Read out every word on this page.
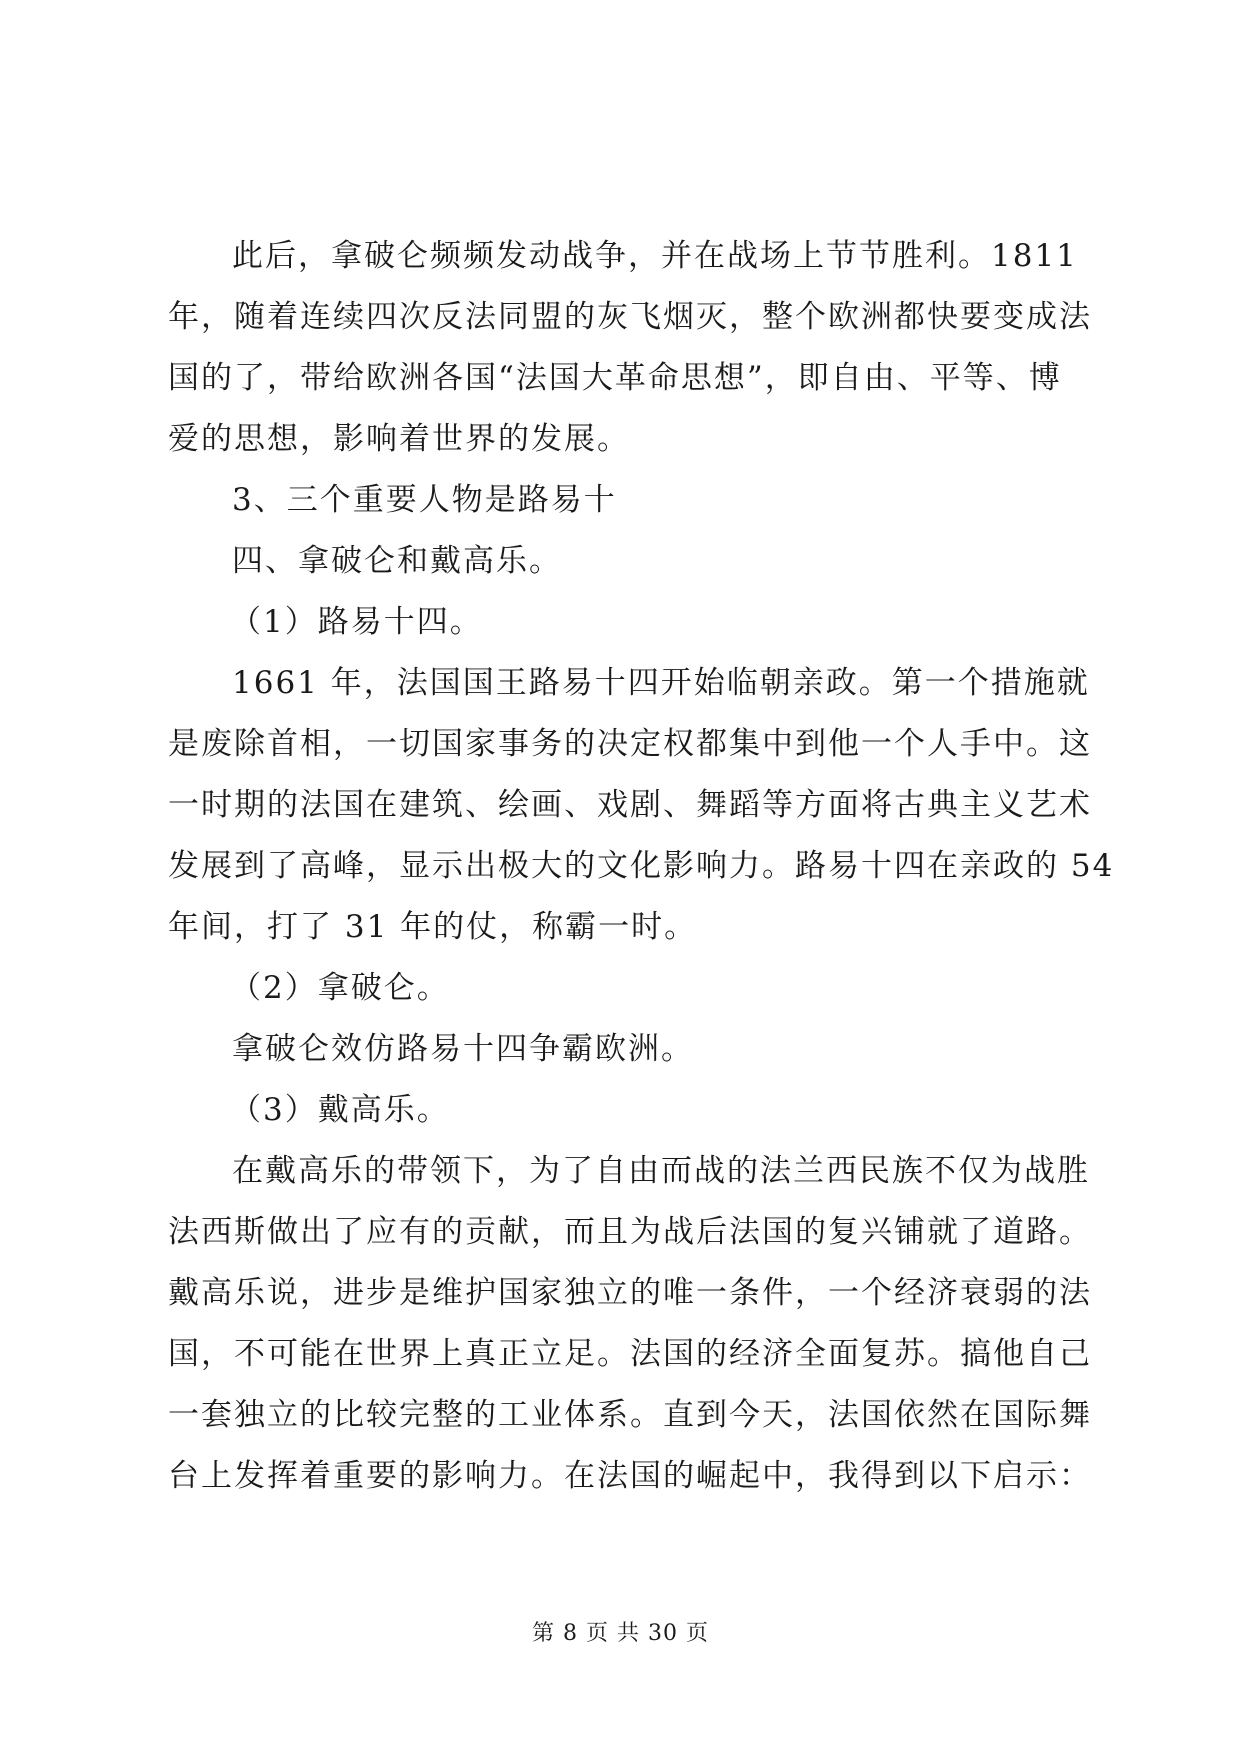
此后，拿破仑频频发动战争，并在战场上节节胜利。1811
年，随着连续四次反法同盟的灰飞烟灭，整个欧洲都快要变成法
国的了，带给欧洲各国“法国大革命思想”，即自由、平等、博
爱的思想，影响着世界的发展。
3、三个重要人物是路易十
四、拿破仑和戴高乐。
（1）路易十四。
1661 年，法国国王路易十四开始临朝亲政。第一个措施就
是废除首相，一切国家事务的决定权都集中到他一个人手中。这
一时期的法国在建筑、绘画、戏剧、舞蹈等方面将古典主义艺术
发展到了高峰，显示出极大的文化影响力。路易十四在亲政的 54
年间，打了 31 年的仗，称霸一时。
（2）拿破仑。
拿破仑效仿路易十四争霸欧洲。
（3）戴高乐。
在戴高乐的带领下，为了自由而战的法兰西民族不仅为战胜
法西斯做出了应有的贡献，而且为战后法国的复兴铺就了道路。
戴高乐说，进步是维护国家独立的唯一条件，一个经济衰弱的法
国，不可能在世界上真正立足。法国的经济全面复苏。搞他自己
一套独立的比较完整的工业体系。直到今天，法国依然在国际舞
台上发挥着重要的影响力。在法国的崛起中，我得到以下启示：
第 8 页 共 30 页
